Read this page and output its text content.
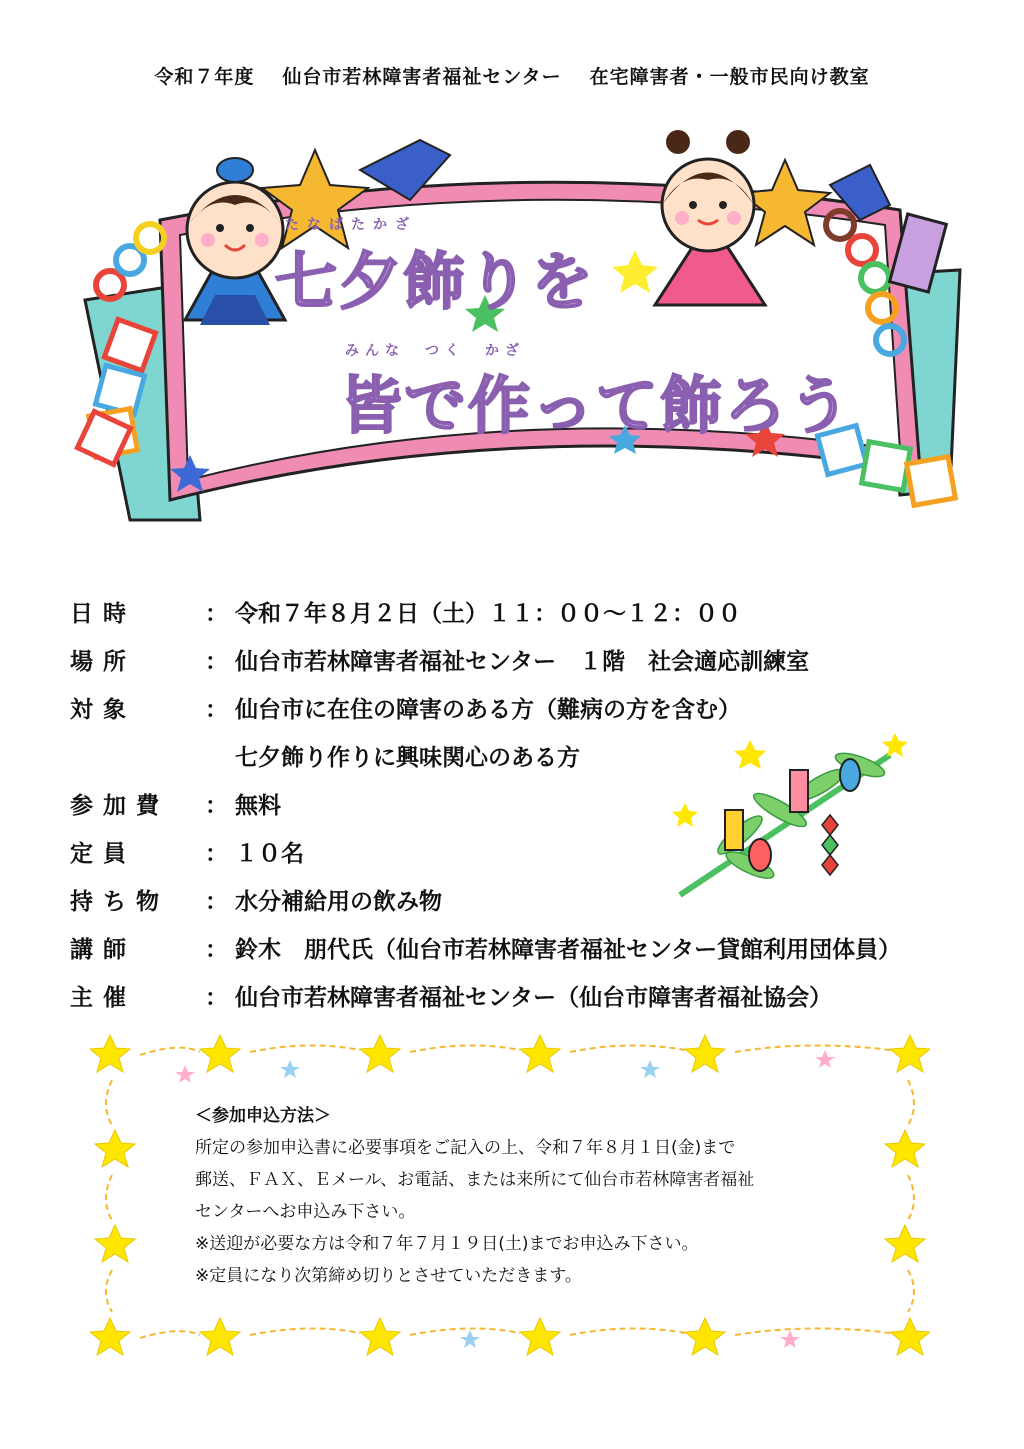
令和７年度 仙台市若林障害者福祉センター 在宅障害者・一般市民向け教室
たなばたかざ
七夕飾りを
みんな　つく　かざ
皆で作って飾ろう
日時	： 令和７年８月２日（土）１１：００～１２：００
場所	： 仙台市若林障害者福祉センター　１階　社会適応訓練室
対象	： 仙台市に在住の障害のある方（難病の方を含む）
七夕飾り作りに興味関心のある方
参加費	： 無料
定員	： １０名
持ち物	： 水分補給用の飲み物
講師	： 鈴木　朋代氏（仙台市若林障害者福祉センター貸館利用団体員）
主催	： 仙台市若林障害者福祉センター（仙台市障害者福祉協会）
＜参加申込方法＞
所定の参加申込書に必要事項をご記入の上、令和７年８月１日(金)まで
郵送、ＦＡＸ、Ｅメール、お電話、または来所にて仙台市若林障害者福祉
センターへお申込み下さい。
※送迎が必要な方は令和７年７月１９日(土)までお申込み下さい。
※定員になり次第締め切りとさせていただきます。
